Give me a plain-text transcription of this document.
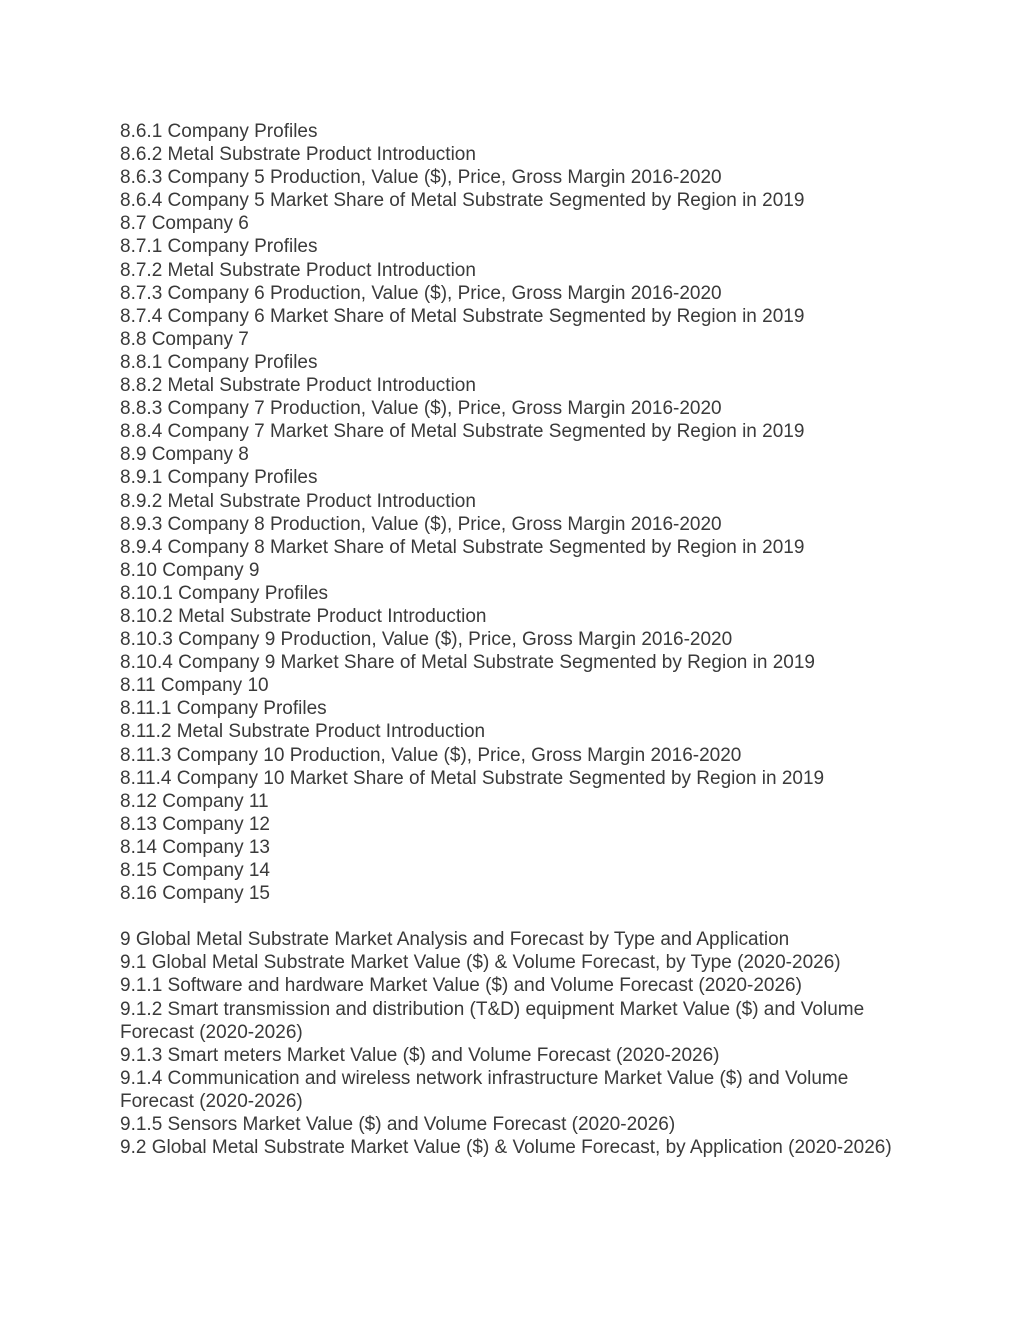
8.6.1 Company Profiles

8.6.2 Metal Substrate Product Introduction

8.6.3 Company 5 Production, Value ($), Price, Gross Margin 2016-2020

8.6.4 Company 5 Market Share of Metal Substrate Segmented by Region in 2019

8.7 Company 6

8.7.1 Company Profiles

8.7.2 Metal Substrate Product Introduction

8.7.3 Company 6 Production, Value ($), Price, Gross Margin 2016-2020

8.7.4 Company 6 Market Share of Metal Substrate Segmented by Region in 2019

8.8 Company 7

8.8.1 Company Profiles

8.8.2 Metal Substrate Product Introduction

8.8.3 Company 7 Production, Value ($), Price, Gross Margin 2016-2020

8.8.4 Company 7 Market Share of Metal Substrate Segmented by Region in 2019

8.9 Company 8

8.9.1 Company Profiles

8.9.2 Metal Substrate Product Introduction

8.9.3 Company 8 Production, Value ($), Price, Gross Margin 2016-2020

8.9.4 Company 8 Market Share of Metal Substrate Segmented by Region in 2019

8.10 Company 9

8.10.1 Company Profiles

8.10.2 Metal Substrate Product Introduction

8.10.3 Company 9 Production, Value ($), Price, Gross Margin 2016-2020

8.10.4 Company 9 Market Share of Metal Substrate Segmented by Region in 2019

8.11 Company 10

8.11.1 Company Profiles

8.11.2 Metal Substrate Product Introduction

8.11.3 Company 10 Production, Value ($), Price, Gross Margin 2016-2020

8.11.4 Company 10 Market Share of Metal Substrate Segmented by Region in 2019

8.12 Company 11

8.13 Company 12

8.14 Company 13

8.15 Company 14

8.16 Company 15

9 Global Metal Substrate Market Analysis and Forecast by Type and Application

9.1 Global Metal Substrate Market Value ($) & Volume Forecast, by Type (2020-2026)

9.1.1 Software and hardware Market Value ($) and Volume Forecast (2020-2026)

9.1.2 Smart transmission and distribution (T&D) equipment Market Value ($) and Volume Forecast (2020-2026)

9.1.3 Smart meters Market Value ($) and Volume Forecast (2020-2026)

9.1.4 Communication and wireless network infrastructure Market Value ($) and Volume Forecast (2020-2026)

9.1.5 Sensors Market Value ($) and Volume Forecast (2020-2026)

9.2 Global Metal Substrate Market Value ($) & Volume Forecast, by Application (2020-2026)
